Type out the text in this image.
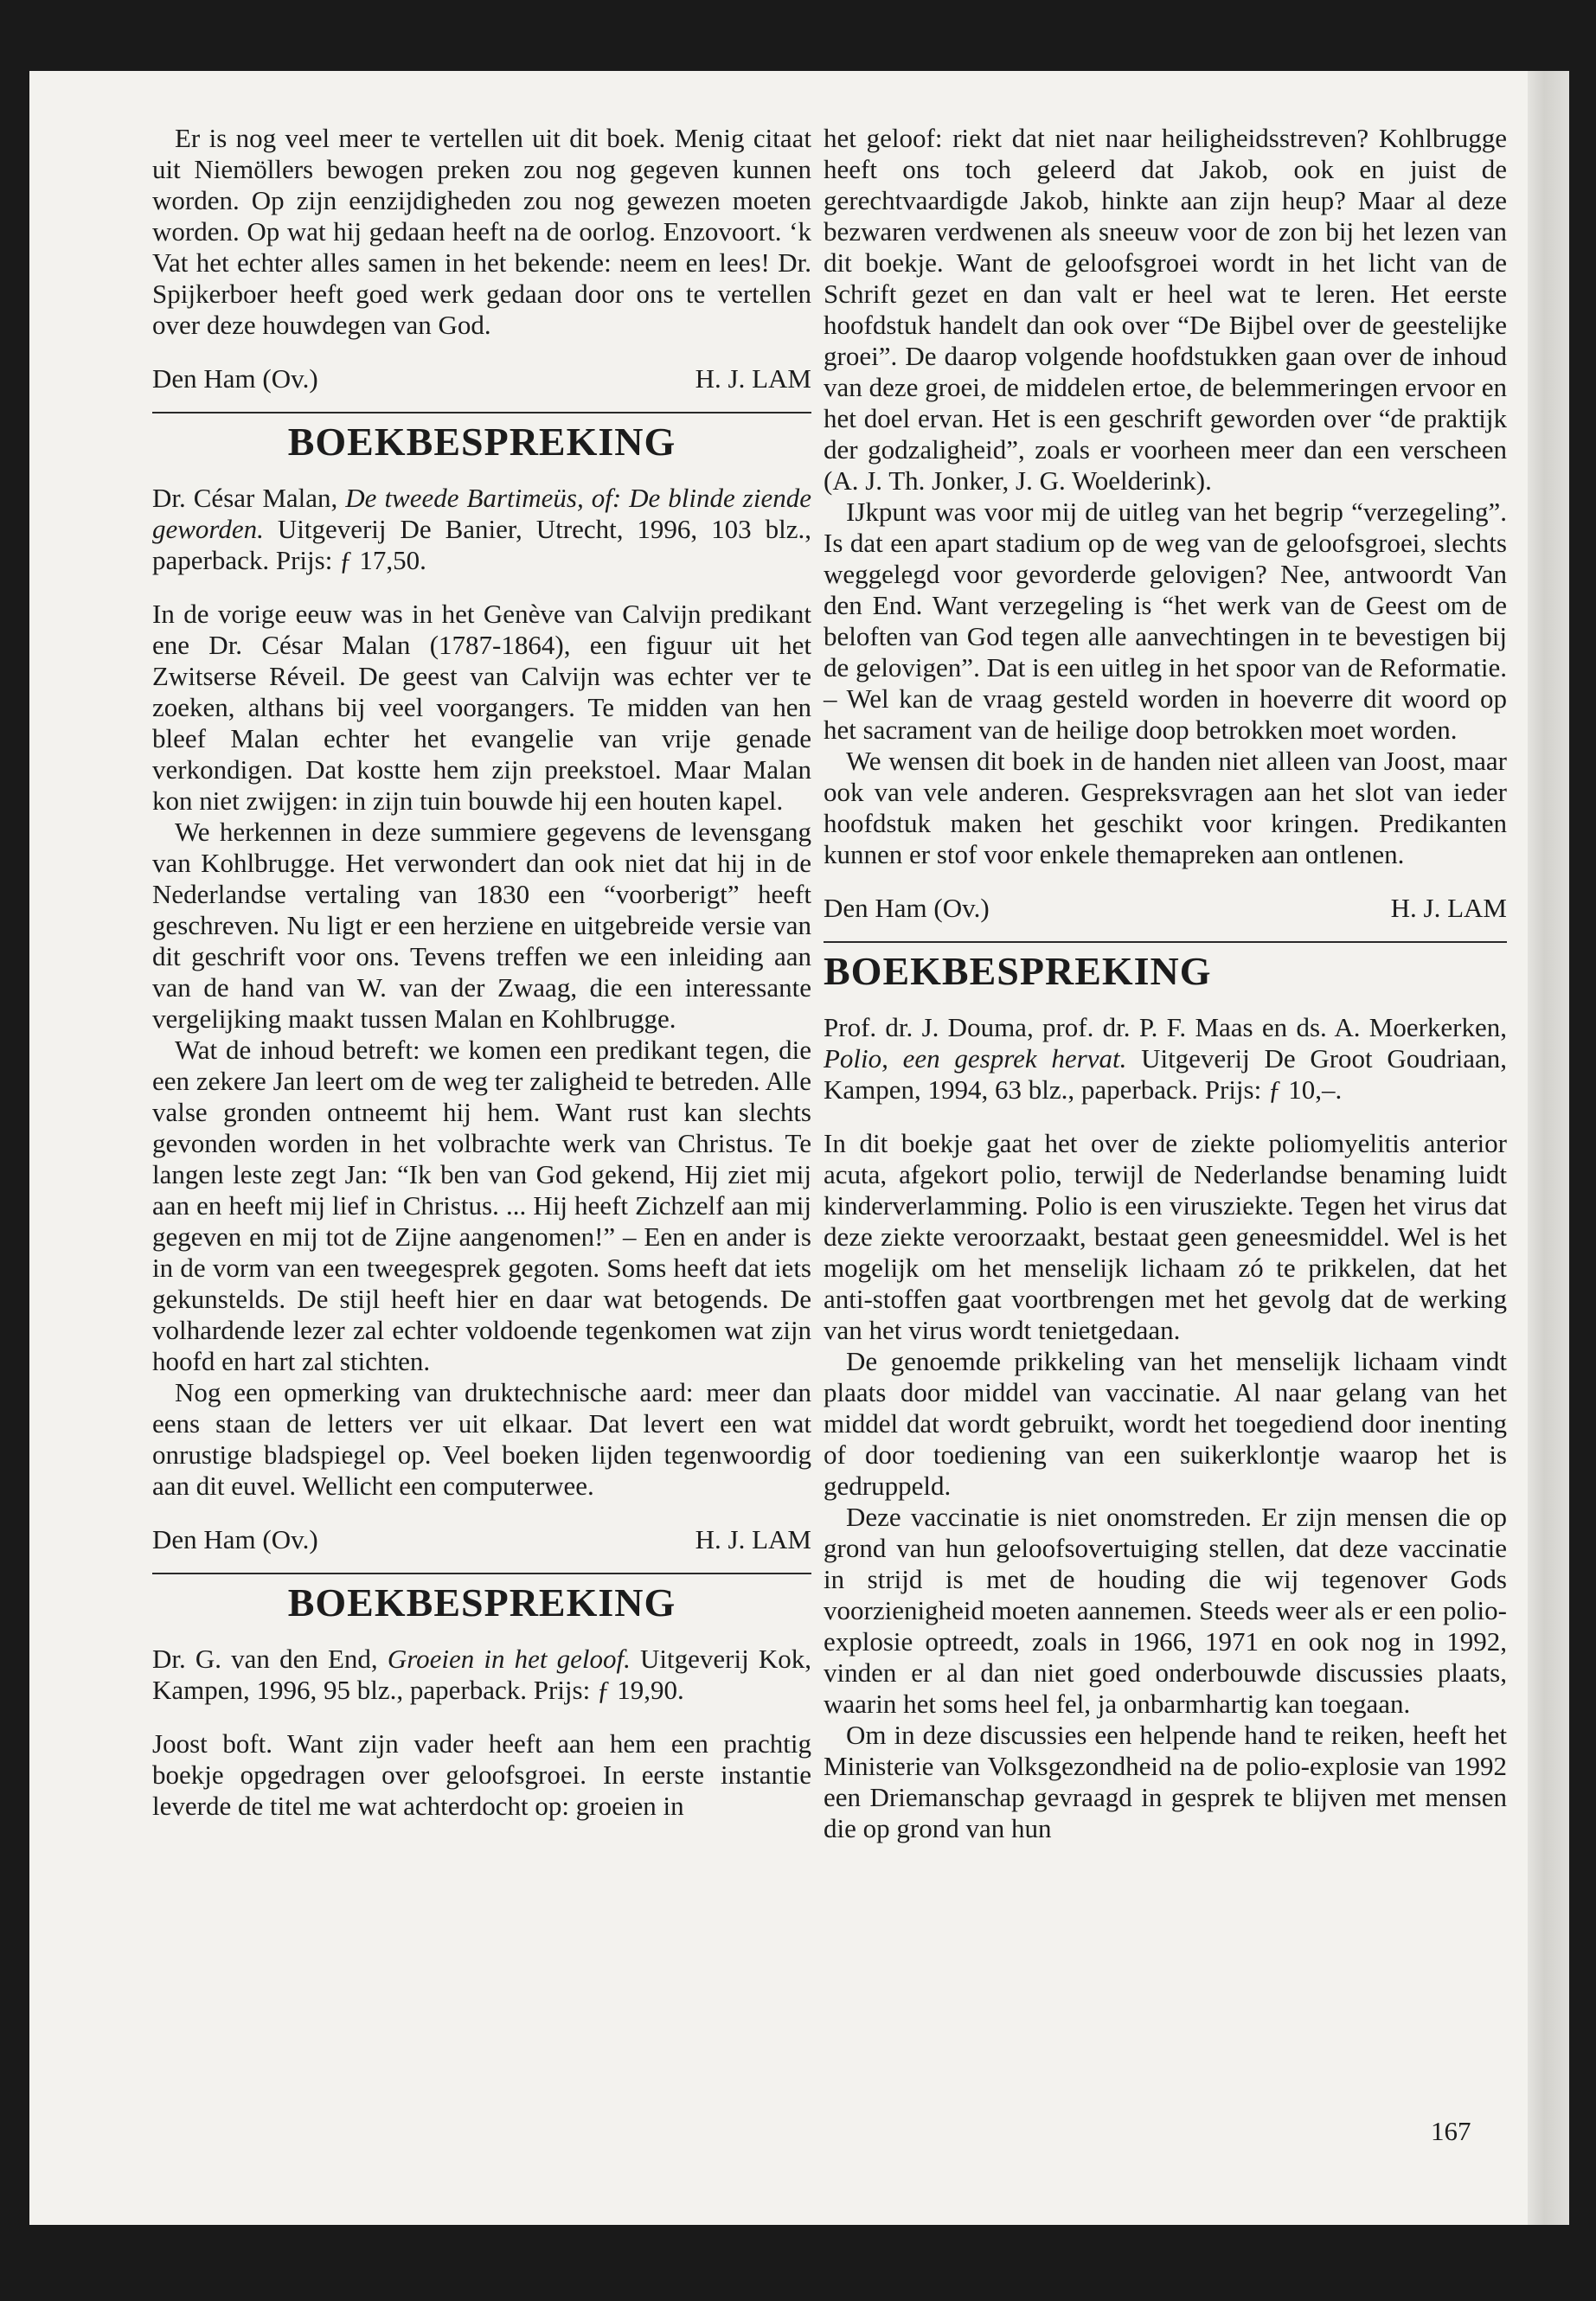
Er is nog veel meer te vertellen uit dit boek. Menig citaat uit Niemöllers bewogen preken zou nog gegeven kunnen worden. Op zijn eenzijdigheden zou nog gewezen moeten worden. Op wat hij gedaan heeft na de oorlog. Enzovoort. ‘k Vat het echter alles samen in het bekende: neem en lees! Dr. Spijkerboer heeft goed werk gedaan door ons te vertellen over deze houwdegen van God.

Den Ham (Ov.)	H. J. LAM
BOEKBESPREKING

Dr. César Malan, De tweede Bartimeüs, of: De blinde ziende geworden. Uitgeverij De Banier, Utrecht, 1996, 103 blz., paperback. Prijs: ƒ 17,50.

In de vorige eeuw was in het Genève van Calvijn predikant ene Dr. César Malan (1787-1864), een figuur uit het Zwitserse Réveil. De geest van Calvijn was echter ver te zoeken, althans bij veel voorgangers. Te midden van hen bleef Malan echter het evangelie van vrije genade verkondigen. Dat kostte hem zijn preekstoel. Maar Malan kon niet zwijgen: in zijn tuin bouwde hij een houten kapel.

We herkennen in deze summiere gegevens de levensgang van Kohlbrugge. Het verwondert dan ook niet dat hij in de Nederlandse vertaling van 1830 een “voorberigt” heeft geschreven. Nu ligt er een herziene en uitgebreide versie van dit geschrift voor ons. Tevens treffen we een inleiding aan van de hand van W. van der Zwaag, die een interessante vergelijking maakt tussen Malan en Kohlbrugge.

Wat de inhoud betreft: we komen een predikant tegen, die een zekere Jan leert om de weg ter zaligheid te betreden. Alle valse gronden ontneemt hij hem. Want rust kan slechts gevonden worden in het volbrachte werk van Christus. Te langen leste zegt Jan: “Ik ben van God gekend, Hij ziet mij aan en heeft mij lief in Christus. ... Hij heeft Zichzelf aan mij gegeven en mij tot de Zijne aangenomen!” – Een en ander is in de vorm van een tweegesprek gegoten. Soms heeft dat iets gekunstelds. De stijl heeft hier en daar wat betogends. De volhardende lezer zal echter voldoende tegenkomen wat zijn hoofd en hart zal stichten.

Nog een opmerking van druktechnische aard: meer dan eens staan de letters ver uit elkaar. Dat levert een wat onrustige bladspiegel op. Veel boeken lijden tegenwoordig aan dit euvel. Wellicht een computerwee.

Den Ham (Ov.)	H. J. LAM
BOEKBESPREKING

Dr. G. van den End, Groeien in het geloof. Uitgeverij Kok, Kampen, 1996, 95 blz., paperback. Prijs: ƒ 19,90.

Joost boft. Want zijn vader heeft aan hem een prachtig boekje opgedragen over geloofsgroei. In eerste instantie leverde de titel me wat achterdocht op: groeien in

het geloof: riekt dat niet naar heiligheidsstreven? Kohlbrugge heeft ons toch geleerd dat Jakob, ook en juist de gerechtvaardigde Jakob, hinkte aan zijn heup? Maar al deze bezwaren verdwenen als sneeuw voor de zon bij het lezen van dit boekje. Want de geloofsgroei wordt in het licht van de Schrift gezet en dan valt er heel wat te leren. Het eerste hoofdstuk handelt dan ook over “De Bijbel over de geestelijke groei”. De daarop volgende hoofdstukken gaan over de inhoud van deze groei, de middelen ertoe, de belemmeringen ervoor en het doel ervan. Het is een geschrift geworden over “de praktijk der godzaligheid”, zoals er voorheen meer dan een verscheen (A. J. Th. Jonker, J. G. Woelderink).

IJkpunt was voor mij de uitleg van het begrip “verzegeling”. Is dat een apart stadium op de weg van de geloofsgroei, slechts weggelegd voor gevorderde gelovigen? Nee, antwoordt Van den End. Want verzegeling is “het werk van de Geest om de beloften van God tegen alle aanvechtingen in te bevestigen bij de gelovigen”. Dat is een uitleg in het spoor van de Reformatie. – Wel kan de vraag gesteld worden in hoeverre dit woord op het sacrament van de heilige doop betrokken moet worden.

We wensen dit boek in de handen niet alleen van Joost, maar ook van vele anderen. Gespreksvragen aan het slot van ieder hoofdstuk maken het geschikt voor kringen. Predikanten kunnen er stof voor enkele themapreken aan ontlenen.

Den Ham (Ov.)	H. J. LAM
BOEKBESPREKING

Prof. dr. J. Douma, prof. dr. P. F. Maas en ds. A. Moerkerken, Polio, een gesprek hervat. Uitgeverij De Groot Goudriaan, Kampen, 1994, 63 blz., paperback. Prijs: ƒ 10,–.

In dit boekje gaat het over de ziekte poliomyelitis anterior acuta, afgekort polio, terwijl de Nederlandse benaming luidt kinderverlamming. Polio is een virusziekte. Tegen het virus dat deze ziekte veroorzaakt, bestaat geen geneesmiddel. Wel is het mogelijk om het menselijk lichaam zó te prikkelen, dat het anti-stoffen gaat voortbrengen met het gevolg dat de werking van het virus wordt tenietgedaan.

De genoemde prikkeling van het menselijk lichaam vindt plaats door middel van vaccinatie. Al naar gelang van het middel dat wordt gebruikt, wordt het toegediend door inenting of door toediening van een suikerklontje waarop het is gedruppeld.

Deze vaccinatie is niet onomstreden. Er zijn mensen die op grond van hun geloofsovertuiging stellen, dat deze vaccinatie in strijd is met de houding die wij tegenover Gods voorzienigheid moeten aannemen. Steeds weer als er een polio-explosie optreedt, zoals in 1966, 1971 en ook nog in 1992, vinden er al dan niet goed onderbouwde discussies plaats, waarin het soms heel fel, ja onbarmhartig kan toegaan.

Om in deze discussies een helpende hand te reiken, heeft het Ministerie van Volksgezondheid na de polio-explosie van 1992 een Driemanschap gevraagd in gesprek te blijven met mensen die op grond van hun

167
